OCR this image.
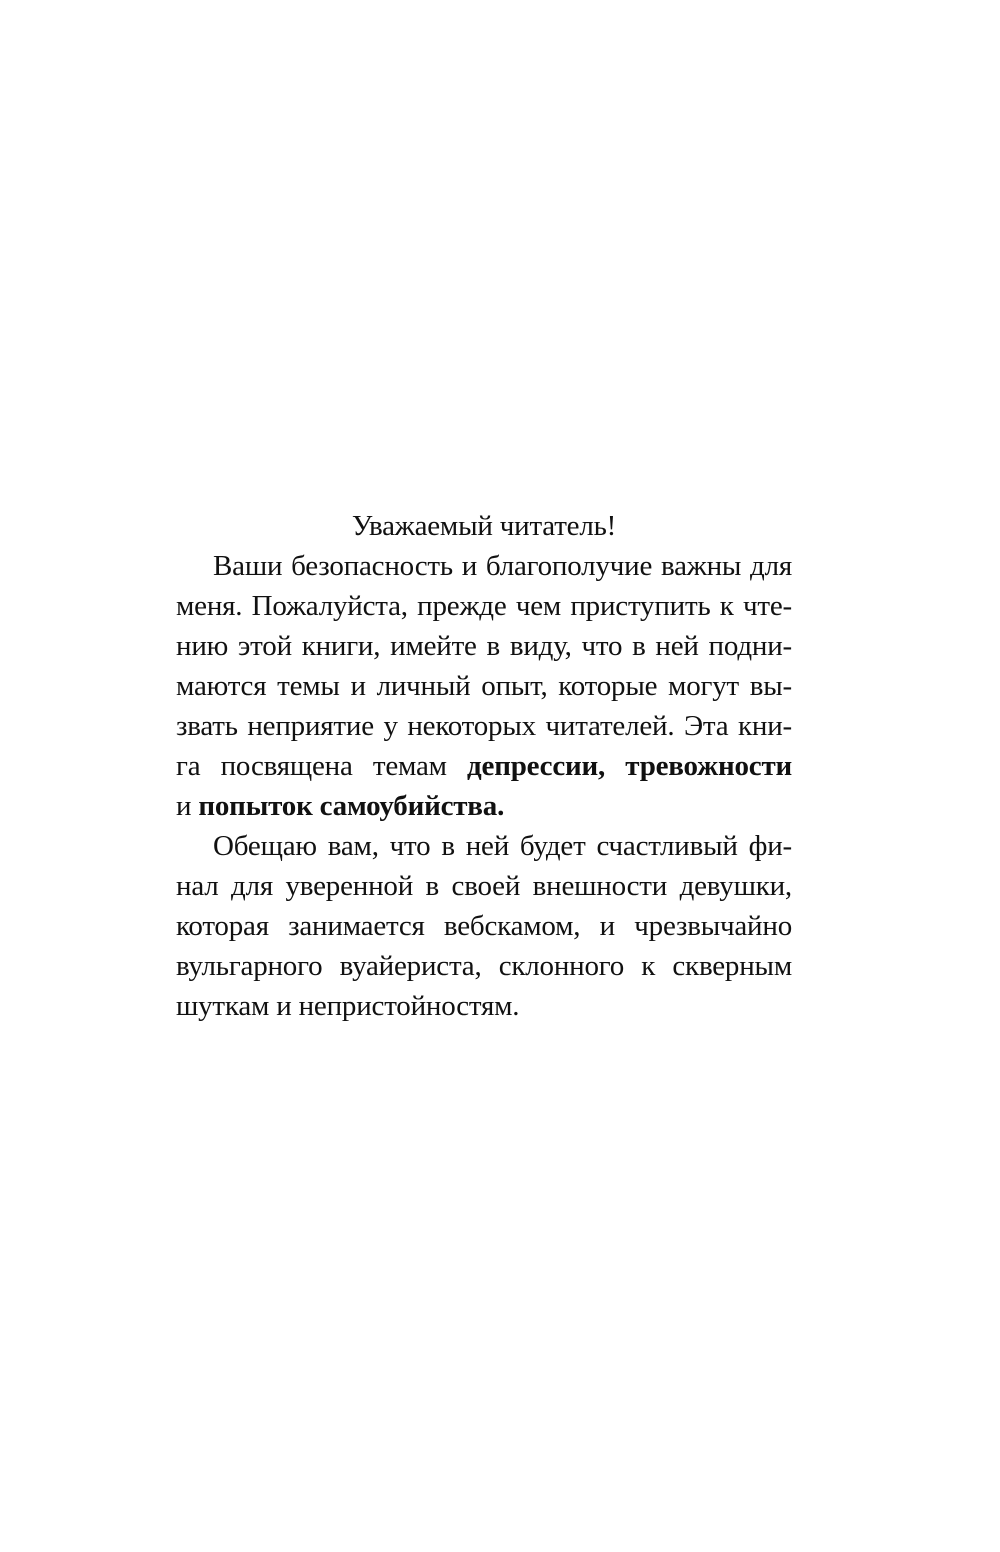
Уважаемый читатель!
Ваши безопасность и благополучие важны для
меня. Пожалуйста, прежде чем приступить к чте-
нию этой книги, имейте в виду, что в ней подни-
маются темы и личный опыт, которые могут вы-
звать неприятие у некоторых читателей. Эта кни-
га посвящена темам депрессии, тревожности
и попыток самоубийства.
Обещаю вам, что в ней будет счастливый фи-
нал для уверенной в своей внешности девушки,
которая занимается вебскамом, и чрезвычайно
вульгарного вуайериста, склонного к скверным
шуткам и непристойностям.
